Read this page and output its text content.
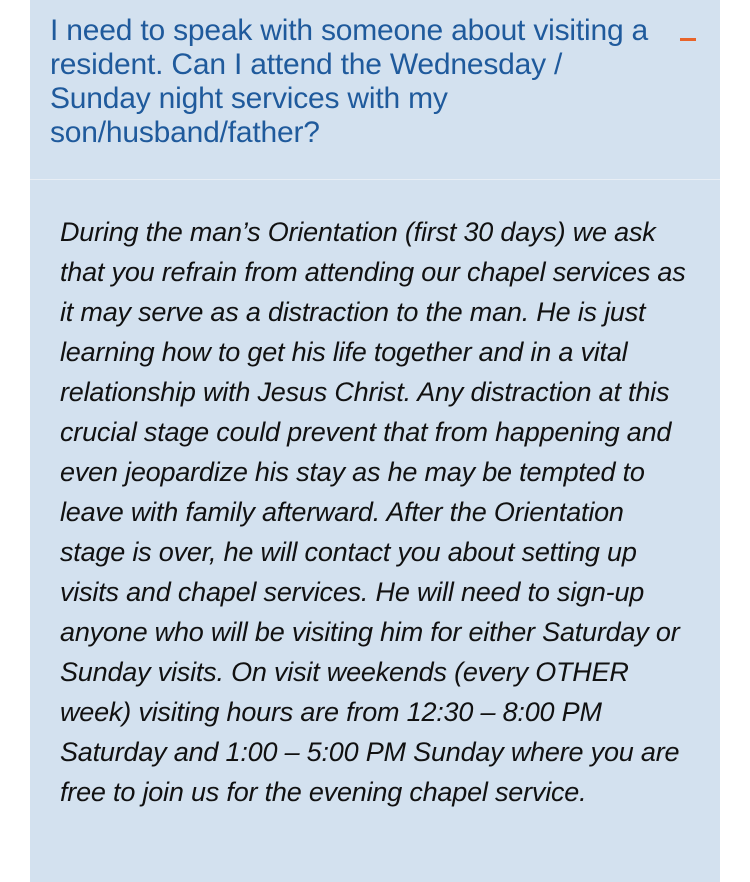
I need to speak with someone about visiting a resident. Can I attend the Wednesday / Sunday night services with my son/husband/father?

During the man’s Orientation (first 30 days) we ask that you refrain from attending our chapel services as it may serve as a distraction to the man. He is just learning how to get his life together and in a vital relationship with Jesus Christ. Any distraction at this crucial stage could prevent that from happening and even jeopardize his stay as he may be tempted to leave with family afterward. After the Orientation stage is over, he will contact you about setting up visits and chapel services. He will need to sign-up anyone who will be visiting him for either Saturday or Sunday visits. On visit weekends (every OTHER week) visiting hours are from 12:30 – 8:00 PM Saturday and 1:00 – 5:00 PM Sunday where you are free to join us for the evening chapel service.
